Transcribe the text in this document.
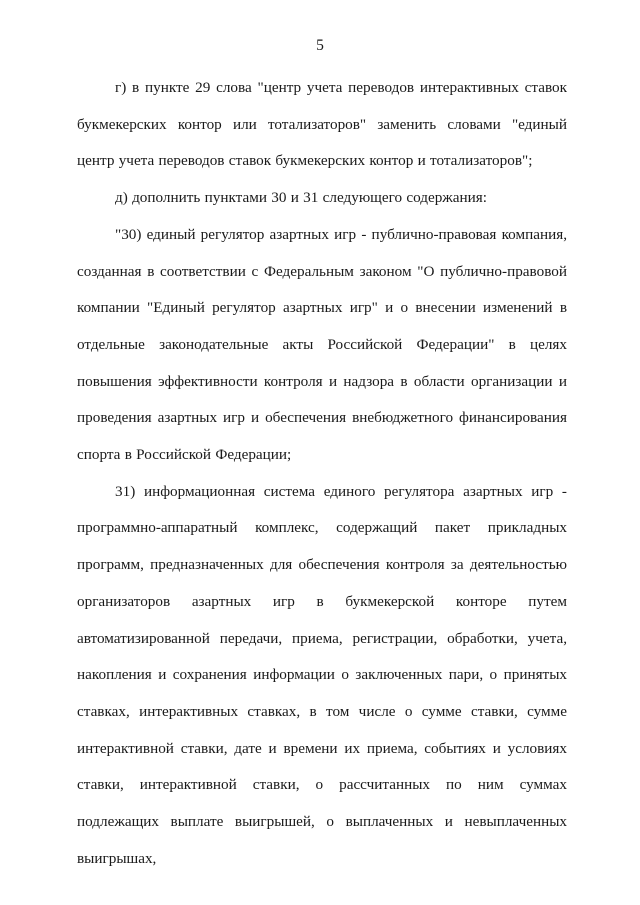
5

г) в пункте 29 слова "центр учета переводов интерактивных ставок букмекерских контор или тотализаторов" заменить словами "единый центр учета переводов ставок букмекерских контор и тотализаторов";

д) дополнить пунктами 30 и 31 следующего содержания:

"30) единый регулятор азартных игр - публично-правовая компания, созданная в соответствии с Федеральным законом "О публично-правовой компании "Единый регулятор азартных игр" и о внесении изменений в отдельные законодательные акты Российской Федерации" в целях повышения эффективности контроля и надзора в области организации и проведения азартных игр и обеспечения внебюджетного финансирования спорта в Российской Федерации;

31) информационная система единого регулятора азартных игр - программно-аппаратный комплекс, содержащий пакет прикладных программ, предназначенных для обеспечения контроля за деятельностью организаторов азартных игр в букмекерской конторе путем автоматизированной передачи, приема, регистрации, обработки, учета, накопления и сохранения информации о заключенных пари, о принятых ставках, интерактивных ставках, в том числе о сумме ставки, сумме интерактивной ставки, дате и времени их приема, событиях и условиях ставки, интерактивной ставки, о рассчитанных по ним суммах подлежащих выплате выигрышей, о выплаченных и невыплаченных выигрышах,
